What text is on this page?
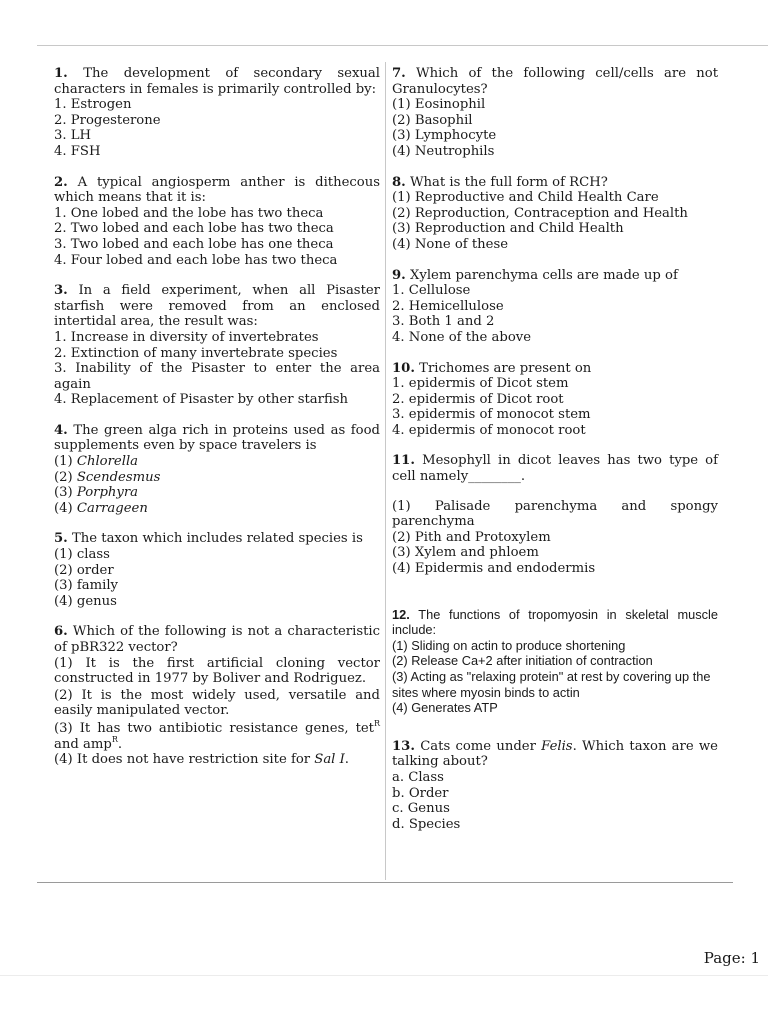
1. The development of secondary sexual characters in females is primarily controlled by:
1. Estrogen
2. Progesterone
3. LH
4. FSH
2. A typical angiosperm anther is dithecous which means that it is:
1. One lobed and the lobe has two theca
2. Two lobed and each lobe has two theca
3. Two lobed and each lobe has one theca
4. Four lobed and each lobe has two theca
3. In a field experiment, when all Pisaster starfish were removed from an enclosed intertidal area, the result was:
1. Increase in diversity of invertebrates
2. Extinction of many invertebrate species
3. Inability of the Pisaster to enter the area again
4. Replacement of Pisaster by other starfish
4. The green alga rich in proteins used as food supplements even by space travelers is
(1) Chlorella
(2) Scendesmus
(3) Porphyra
(4) Carrageen
5. The taxon which includes related species is
(1) class
(2) order
(3) family
(4) genus
6. Which of the following is not a characteristic of pBR322 vector?
(1) It is the first artificial cloning vector constructed in 1977 by Boliver and Rodriguez.
(2) It is the most widely used, versatile and easily manipulated vector.
(3) It has two antibiotic resistance genes, tet$^R$ and amp$^R$.
(4) It does not have restriction site for Sal I.
7. Which of the following cell/cells are not Granulocytes?
(1) Eosinophil
(2) Basophil
(3) Lymphocyte
(4) Neutrophils
8. What is the full form of RCH?
(1) Reproductive and Child Health Care
(2) Reproduction, Contraception and Health
(3) Reproduction and Child Health
(4) None of these
9. Xylem parenchyma cells are made up of
1. Cellulose
2. Hemicellulose
3. Both 1 and 2
4. None of the above
10. Trichomes are present on
1. epidermis of Dicot stem
2. epidermis of Dicot root
3. epidermis of monocot stem
4. epidermis of monocot root
11. Mesophyll in dicot leaves has two type of cell namely________.
(1) Palisade parenchyma and spongy parenchyma
(2) Pith and Protoxylem
(3) Xylem and phloem
(4) Epidermis and endodermis
12. The functions of tropomyosin in skeletal muscle include:
(1) Sliding on actin to produce shortening
(2) Release Ca+2 after initiation of contraction
(3) Acting as "relaxing protein" at rest by covering up the sites where myosin binds to actin
(4) Generates ATP
13. Cats come under Felis. Which taxon are we talking about?
a. Class
b. Order
c. Genus
d. Species
Page: 1
